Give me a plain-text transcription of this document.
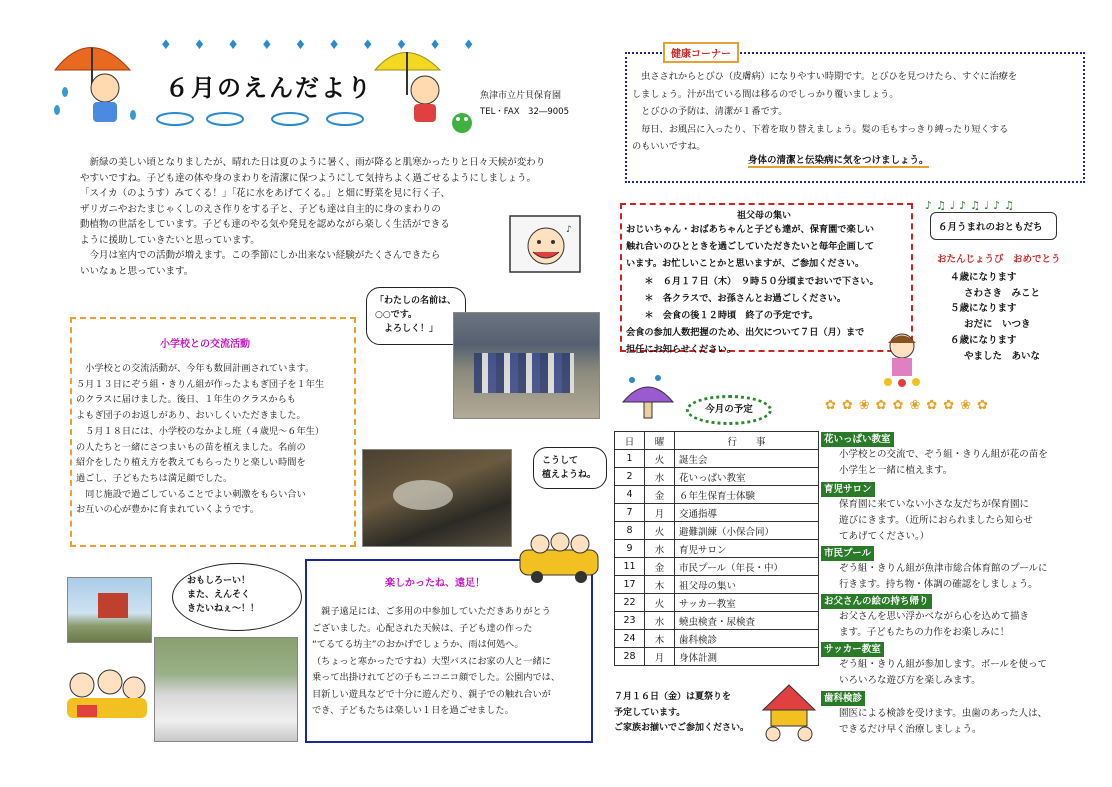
♦♦♦♦♦♦♦♦♦♦
６月のえんだより	魚津市立片貝保育園
TEL・FAX　32―9005
　新緑の美しい頃となりましたが、晴れた日は夏のように暑く、雨が降ると肌寒かったりと日々天候が変わり
やすいですね。子ども達の体や身のまわりを清潔に保つようにして気持ちよく過ごせるようにしましょう。
「スイカ（のようす）みてくる！」「花に水をあげてくる。」と畑に野菜を見に行く子、
ザリガニやおたまじゃくしのえさ作りをする子と、子ども達は自主的に身のまわりの
動植物の世話をしています。子ども達のやる気や発見を認めながら楽しく生活ができる
ように援助していきたいと思っています。
　今月は室内での活動が増えます。この季節にしか出来ない経験がたくさんできたら
いいなぁと思っています。
♪
「わたしの名前は、
○○です。
　よろしく！」
小学校との交流活動
　小学校との交流活動が、今年も数回計画されています。
５月１３日にぞう組・きりん組が作ったよもぎ団子を１年生
のクラスに届けました。後日、１年生のクラスからも
よもぎ団子のお返しがあり、おいしくいただきました。
　５月１８日には、小学校のなかよし班（４歳児～６年生）
の人たちと一緒にさつまいもの苗を植えました。名前の
紹介をしたり植え方を教えてもらったりと楽しい時間を
過ごし、子どもたちは満足顔でした。
　同じ施設で過ごしていることでよい刺激をもらい合い
お互いの心が豊かに育まれていくようです。
こうして
植えようね。
おもしろーい！
また、えんそく
きたいねぇ～！！
楽しかったね、遠足！
　親子遠足には、ご多用の中参加していただきありがとう
ございました。心配された天候は、子ども達の作った
“てるてる坊主”のおかげでしょうか、雨は何処へ。
（ちょっと寒かったですね）大型バスにお家の人と一緒に
乗って出掛けれてどの子もニコニコ顔でした。公園内では、
目新しい遊具などで十分に遊んだり、親子での触れ合いが
でき、子どもたちは楽しい１日を過ごせました。
健康コーナー
　虫さされからとびひ（皮膚病）になりやすい時期です。とびひを見つけたら、すぐに治療を
しましょう。汁が出ている間は移るのでしっかり覆いましょう。
　とびひの予防は、清潔が１番です。
　毎日、お風呂に入ったり、下着を取り替えましょう。髪の毛もすっきり縛ったり短くする
のもいいですね。
身体の清潔と伝染病に気をつけましょう。
祖父母の集い
おじいちゃん・おばあちゃんと子ども達が、保育園で楽しい
触れ合いのひとときを過ごしていただきたいと毎年企画して
います。お忙しいことかと思いますが、ご参加ください。
　　＊　６月１７日（木）　９時５０分頃までおいで下さい。
　　＊　各クラスで、お孫さんとお過ごしください。
　　＊　会食の後１２時頃　終了の予定です。
会食の参加人数把握のため、出欠について７日（月）まで
担任にお知らせください。
６月うまれのおともだち
♪♫♩♪♫♩♪♫
おたんじょうび　おめでとう
４歳になります
さわさき　みこと
５歳になります
おだに　いつき
６歳になります
やました　あいな
✿✿❀✿✿❀✿✿❀✿
今月の予定
日	曜	行　　事
1	火	誕生会
2	水	花いっぱい教室
4	金	６年生保育士体験
7	月	交通指導
8	火	避難訓練（小保合同）
9	水	育児サロン
11	金	市民プール（年長・中）
17	木	祖父母の集い
22	火	サッカー教室
23	水	蟯虫検査・尿検査
24	木	歯科検診
28	月	身体計測
７月１６日（金）は夏祭りを
予定しています。
ご家族お揃いでご参加ください。
花いっぱい教室
小学校との交流で、ぞう組・きりん組が花の苗を
小学生と一緒に植えます。
育児サロン
保育園に来ていない小さな友だちが保育園に
遊びにきます。（近所におられましたら知らせ
てあげてください。）
市民プール
ぞう組・きりん組が魚津市総合体育館のプールに
行きます。持ち物・体調の確認をしましょう。
お父さんの絵の持ち帰り
お父さんを思い浮かべながら心を込めて描き
ます。子どもたちの力作をお楽しみに！
サッカー教室
ぞう組・きりん組が参加します。ボールを使って
いろいろな遊び方を楽しみます。
歯科検診
園医による検診を受けます。虫歯のあった人は、
できるだけ早く治療しましょう。
